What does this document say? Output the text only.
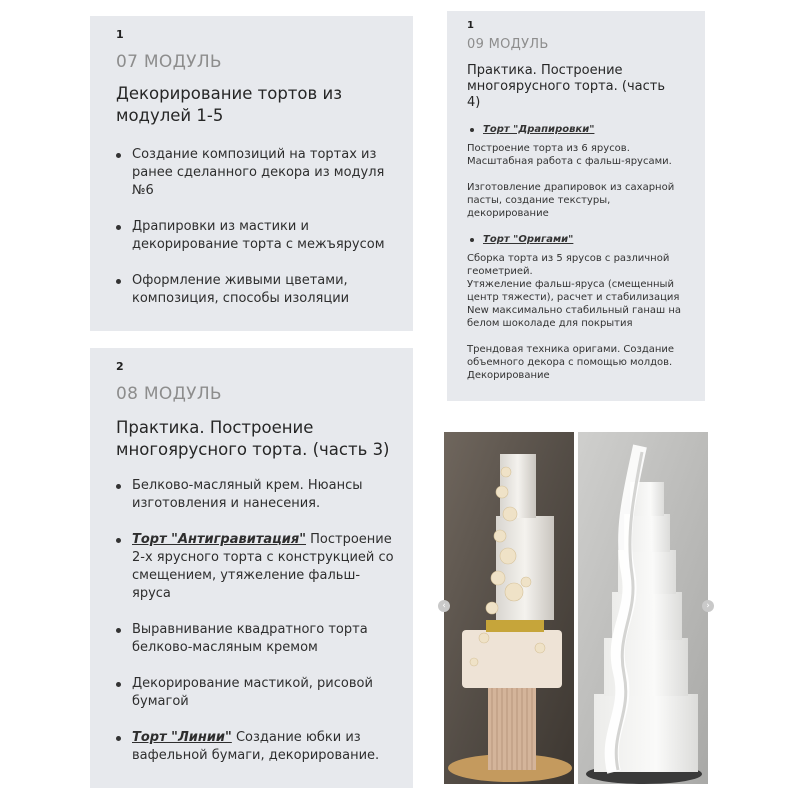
1
07 МОДУЛЬ
Декорирование тортов из модулей 1-5
Создание композиций на тортах из ранее сделанного декора из модуля №6
Драпировки из мастики и декорирование торта с межъярусом
Оформление живыми цветами, композиция, способы изоляции
2
08 МОДУЛЬ
Практика. Построение многоярусного торта. (часть 3)
Белково-масляный крем. Нюансы изготовления и нанесения.
Торт "Антигравитация" Построение 2-х ярусного торта с конструкцией со смещением, утяжеление фальш-яруса
Выравнивание квадратного торта белково-масляным кремом
Декорирование мастикой, рисовой бумагой
Торт "Линии" Создание юбки из вафельной бумаги, декорирование.
1
09 МОДУЛЬ
Практика. Построение многоярусного торта. (часть 4)
Торт "Драпировки"

Построение торта из 6 ярусов. Масштабная работа с фальш-ярусами.

Изготовление драпировок из сахарной пасты, создание текстуры, декорирование

Торт "Оригами"

Сборка торта из 5 ярусов с различной геометрией.

Утяжеление фальш-яруса (смещенный центр тяжести), расчет и стабилизация

New максимально стабильный ганаш на белом шоколаде для покрытия

Трендовая техника оригами. Создание объемного декора с помощью молдов. Декорирование

‹	›
